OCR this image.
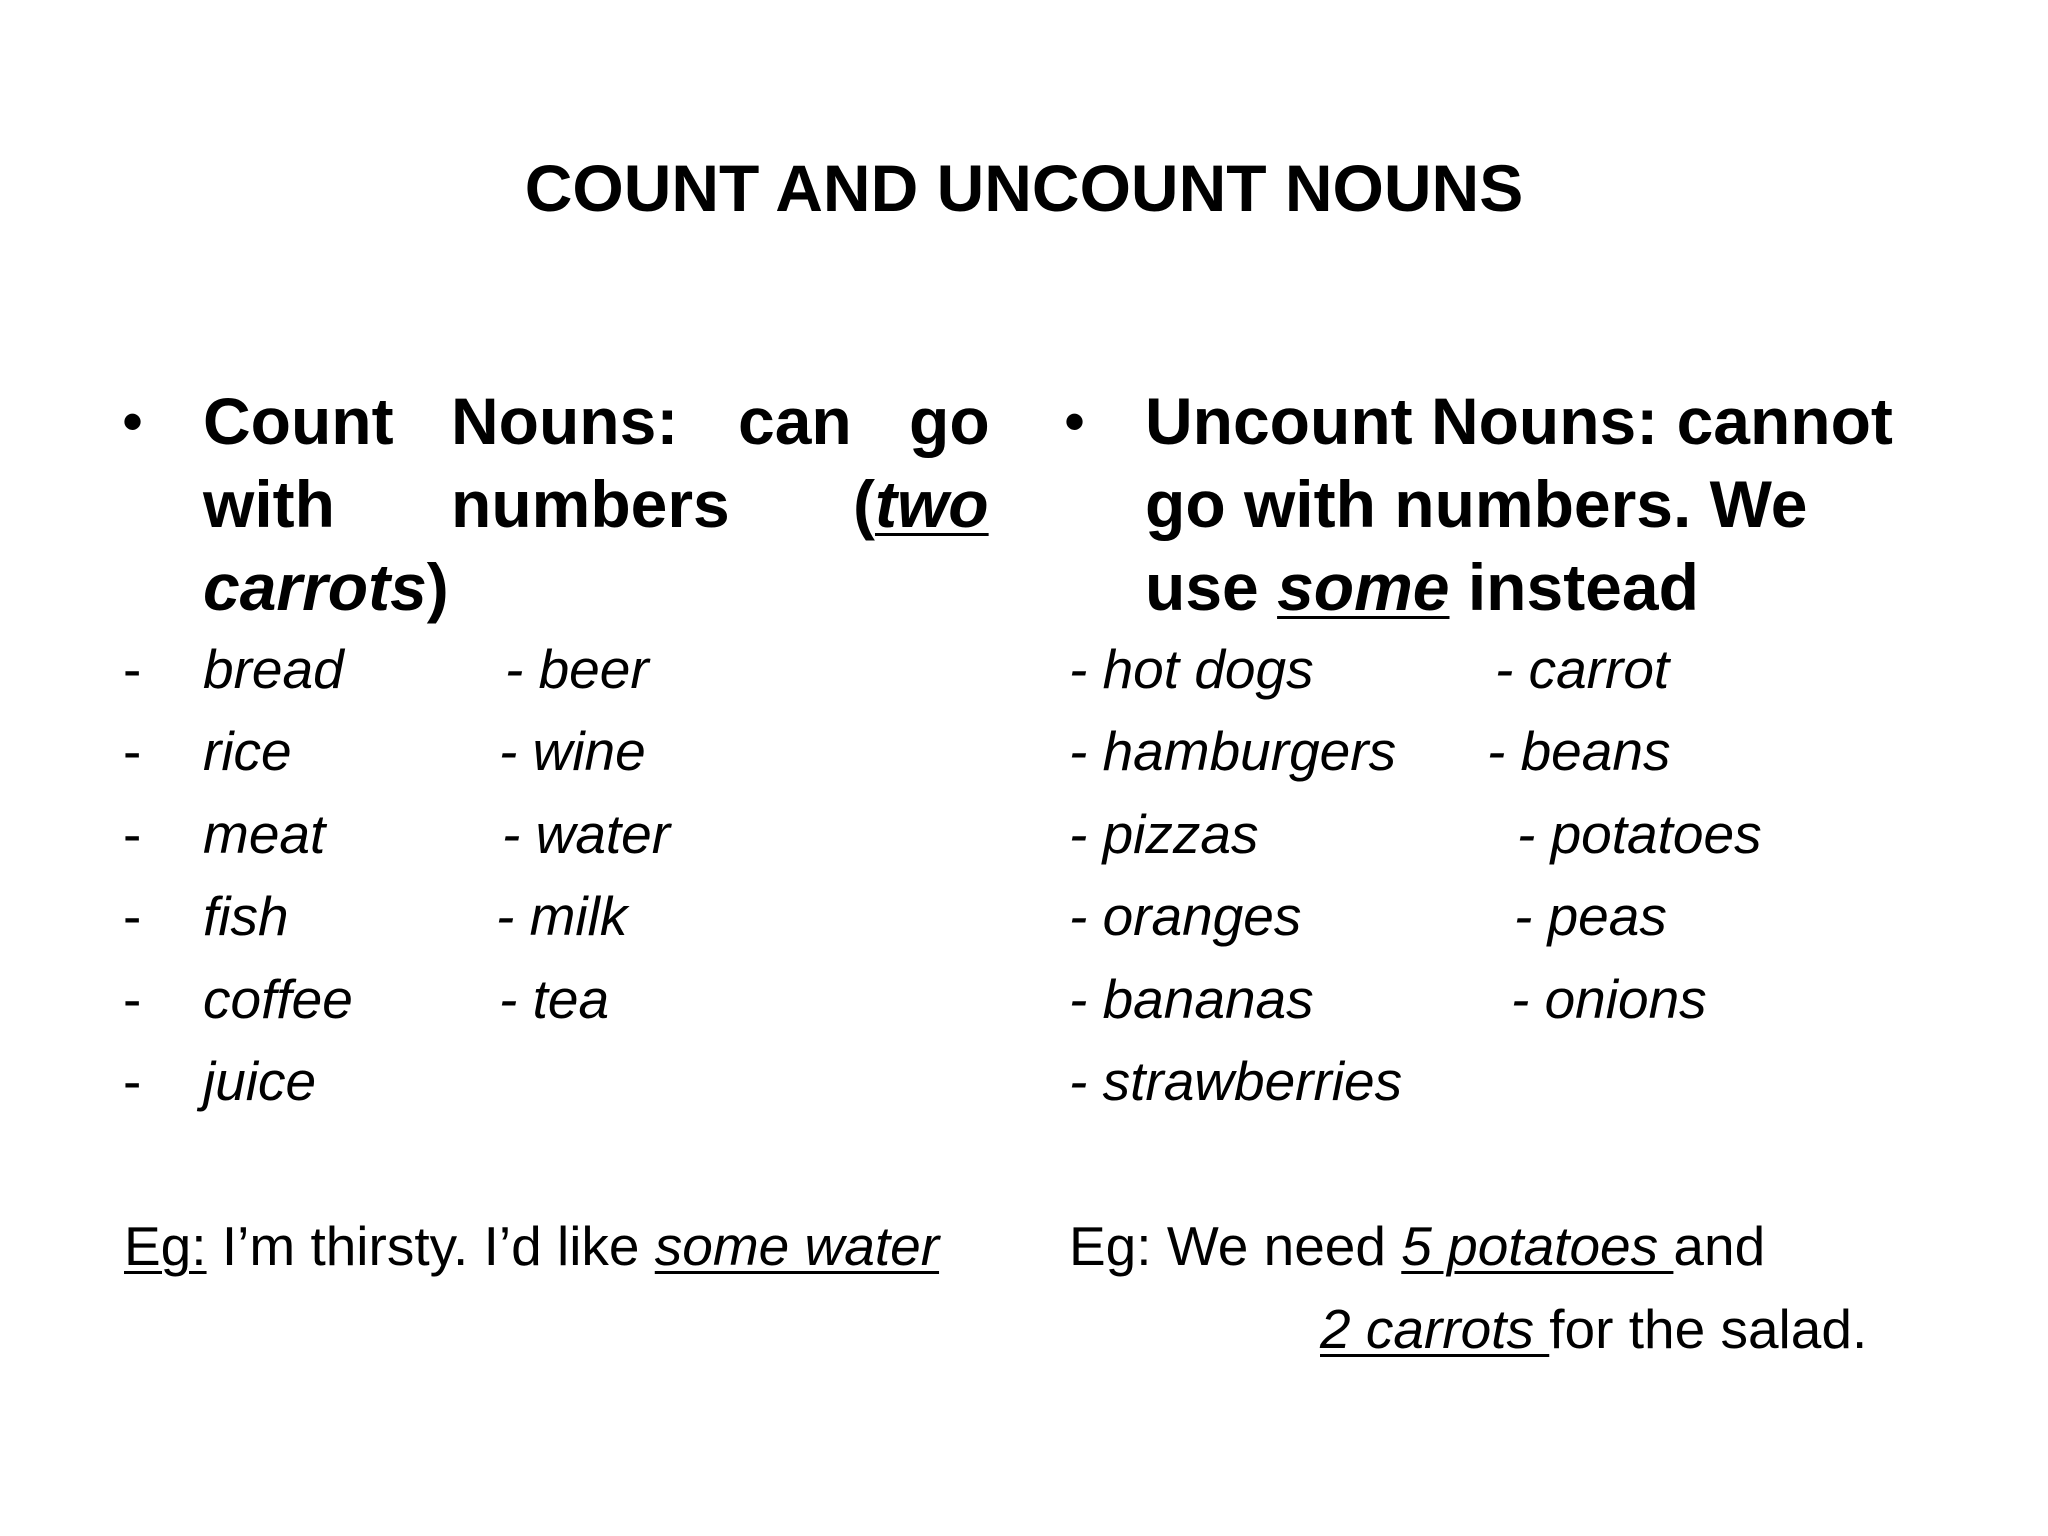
COUNT AND UNCOUNT NOUNS
• Count Nouns: can go
with numbers (two
carrots)
- bread	- beer
- rice	- wine
- meat	- water
- fish	- milk
- coffee	- tea
- juice
Eg: I’m thirsty. I’d like some water
• Uncount Nouns: cannot
go with numbers. We
use some instead
- hot dogs	- carrot
- hamburgers - beans
- pizzas	- potatoes
- oranges	- peas
- bananas	- onions
- strawberries
Eg: We need 5 potatoes and
2 carrots for the salad.
